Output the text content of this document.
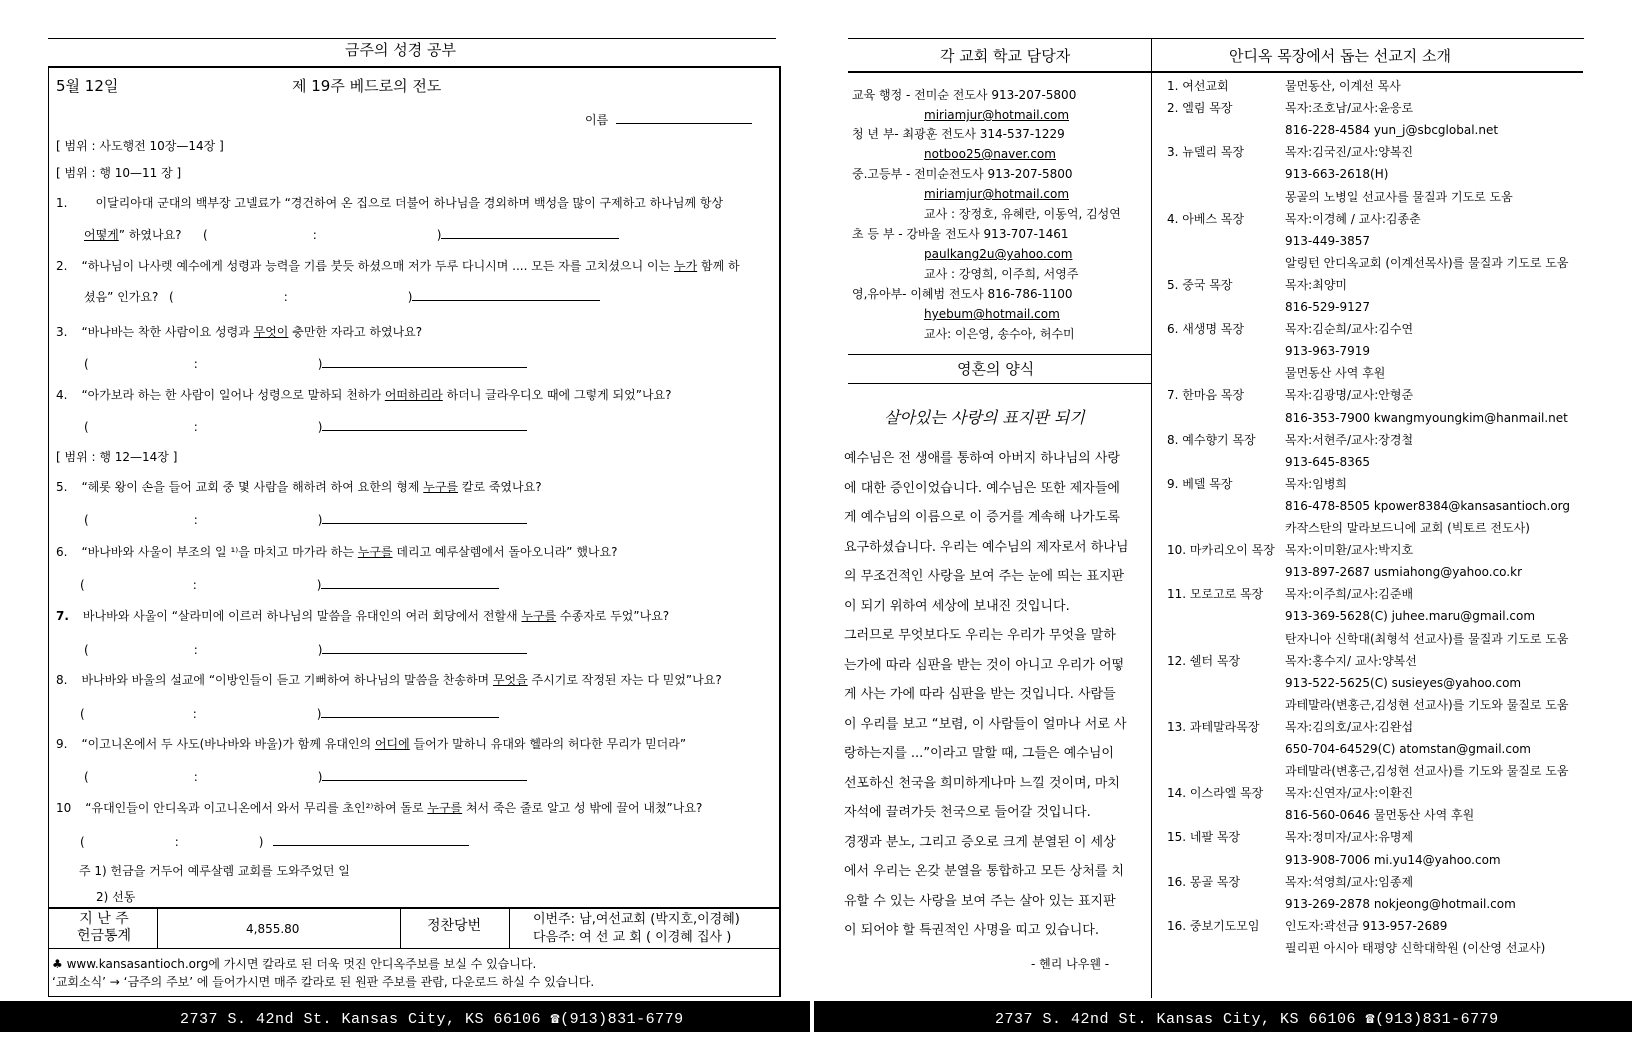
금주의 성경 공부
5월 12일	제 19주 베드로의 전도
이름
[ 범위 : 사도행전 10장—14장 ]
[ 범위 : 행 10—11 장 ]
1. 이달리아대 군대의 백부장 고넬료가 “경건하여 온 집으로 더불어 하나님을 경외하며 백성을 많이 구제하고 하나님께 항상
어떻게” 하였나요? (	:	)
2. “하나님이 나사렛 예수에게 성령과 능력을 기름 붓듯 하셨으매 저가 두루 다니시며 .... 모든 자를 고치셨으니 이는 누가 함께 하
셨음” 인가요? (	:	)
3. “바나바는 착한 사람이요 성령과 무엇이 충만한 자라고 하였나요?
(	:	)
4. “아가보라 하는 한 사람이 일어나 성령으로 말하되 천하가 어떠하리라 하더니 글라우디오 때에 그렇게 되었”나요?
(	:	)
[ 범위 : 행 12—14장 ]
5. “헤롯 왕이 손을 들어 교회 중 몇 사람을 해하려 하여 요한의 형제 누구를 칼로 죽였나요?
(	:	)
6. “바나바와 사울이 부조의 일 ¹⁾을 마치고 마가라 하는 누구를 데리고 예루살렘에서 돌아오니라” 했나요?
(	:	)
7. 바나바와 사울이 “살라미에 이르러 하나님의 말씀을 유대인의 여러 회당에서 전할새 누구를 수종자로 두었”나요?
(	:	)
8. 바나바와 바울의 설교에 “이방인들이 듣고 기뻐하여 하나님의 말씀을 찬송하며 무엇을 주시기로 작정된 자는 다 믿었”나요?
(	:	)
9. “이고니온에서 두 사도(바나바와 바울)가 함께 유대인의 어디에 들어가 말하니 유대와 헬라의 허다한 무리가 믿더라”
(	:	)
10 “유대인들이 안디옥과 이고니온에서 와서 무리를 초인²⁾하여 돌로 누구를 쳐서 죽은 줄로 알고 성 밖에 끌어 내쳤”나요?
(	:	)
주 1) 헌금을 거두어 예루살렘 교회를 도와주었던 일
2) 선동
지 난 주
헌금통계	4,855.80	정찬당번	이번주: 남,여선교회 (박지호,이경혜)
다음주: 여 선 교 회 ( 이경혜 집사 )
♣ www.kansasantioch.org에 가시면 칼라로 된 더욱 멋진 안디옥주보를 보실 수 있습니다.
‘교회소식’ → ‘금주의 주보’ 에 들어가시면 매주 칼라로 된 원판 주보를 관람, 다운로드 하실 수 있습니다.
각 교회 학교 담당자
교육 행정 - 전미순 전도사 913-207-5800
miriamjur@hotmail.com
청 년 부- 최광훈 전도사 314-537-1229
notboo25@naver.com
중.고등부 - 전미순전도사 913-207-5800
miriamjur@hotmail.com
교사 : 장정호, 유혜란, 이동억, 김성연
초 등 부 - 강바울 전도사 913-707-1461
paulkang2u@yahoo.com
교사 : 강영희, 이주희, 서영주
영,유아부- 이혜범 전도사 816-786-1100
hyebum@hotmail.com
교사: 이은영, 송수아, 허수미
영혼의 양식
살아있는 사랑의 표지판 되기
예수님은 전 생애를 통하여 아버지 하나님의 사랑
에 대한 증인이었습니다. 예수님은 또한 제자들에
게 예수님의 이름으로 이 증거를 계속해 나가도록
요구하셨습니다. 우리는 예수님의 제자로서 하나님
의 무조건적인 사랑을 보여 주는 눈에 띄는 표지판
이 되기 위하여 세상에 보내진 것입니다.
그러므로 무엇보다도 우리는 우리가 무엇을 말하
는가에 따라 심판을 받는 것이 아니고 우리가 어떻
게 사는 가에 따라 심판을 받는 것입니다. 사람들
이 우리를 보고 “보렴, 이 사람들이 얼마나 서로 사
랑하는지를 ...”이라고 말할 때, 그들은 예수님이
선포하신 천국을 희미하게나마 느낄 것이며, 마치
자석에 끌려가듯 천국으로 들어갈 것입니다.
경쟁과 분노, 그리고 증오로 크게 분열된 이 세상
에서 우리는 온갖 분열을 통합하고 모든 상처를 치
유할 수 있는 사랑을 보여 주는 살아 있는 표지판
이 되어야 할 특권적인 사명을 띠고 있습니다.
- 헨리 나우웬 -
안디옥 목장에서 돕는 선교지 소개
1. 여선교회	물먼동산, 이계선 목사
2. 엘림 목장	목자:조호남/교사:윤응로
816-228-4584 yun_j@sbcglobal.net
3. 뉴델리 목장	목자:김국진/교사:양복진
913-663-2618(H)
몽골의 노병일 선교사를 물질과 기도로 도움
4. 아베스 목장	목자:이경혜 / 교사:김종춘
913-449-3857
알링턴 안디옥교회 (이계선목사)를 물질과 기도로 도움
5. 중국 목장	목자:최양미
816-529-9127
6. 새생명 목장	목자:김순희/교사:김수연
913-963-7919
물먼동산 사역 후원
7. 한마음 목장	목자:김광명/교사:안형준
816-353-7900 kwangmyoungkim@hanmail.net
8. 예수향기 목장 목자:서현주/교사:장경철
913-645-8365
9. 베델 목장	목자:임병희
816-478-8505 kpower8384@kansasantioch.org
카작스탄의 말라보드니에 교회 (빅토르 전도사)
10. 마카리오이 목장 목자:이미환/교사:박지호
913-897-2687 usmiahong@yahoo.co.kr
11. 모로고로 목장 목자:이주희/교사:김준배
913-369-5628(C) juhee.maru@gmail.com
탄자니아 신학대(최형석 선교사)를 물질과 기도로 도움
12. 쉘터 목장	목자:홍수지/ 교사:양복선
913-522-5625(C) susieyes@yahoo.com
과테말라(변홍근,김성현 선교사)를 기도와 물질로 도움
13. 과테말라목장 목자:김의호/교사:김완섭
650-704-64529(C) atomstan@gmail.com
과테말라(변홍근,김성현 선교사)를 기도와 물질로 도움
14. 이스라엘 목장 목자:신연자/교사:이환진
816-560-0646 물먼동산 사역 후원
15. 네팔 목장	목자:정미자/교사:유명제
913-908-7006 mi.yu14@yahoo.com
16. 몽골 목장	목자:석영희/교사:임종제
913-269-2878 nokjeong@hotmail.com
16. 중보기도모임 인도자:곽선금 913-957-2689
필리핀 아시아 태평양 신학대학원 (이산영 선교사)
2737 S. 42nd St. Kansas City, KS 66106 ☎(913)831-6779	2737 S. 42nd St. Kansas City, KS 66106 ☎(913)831-6779
